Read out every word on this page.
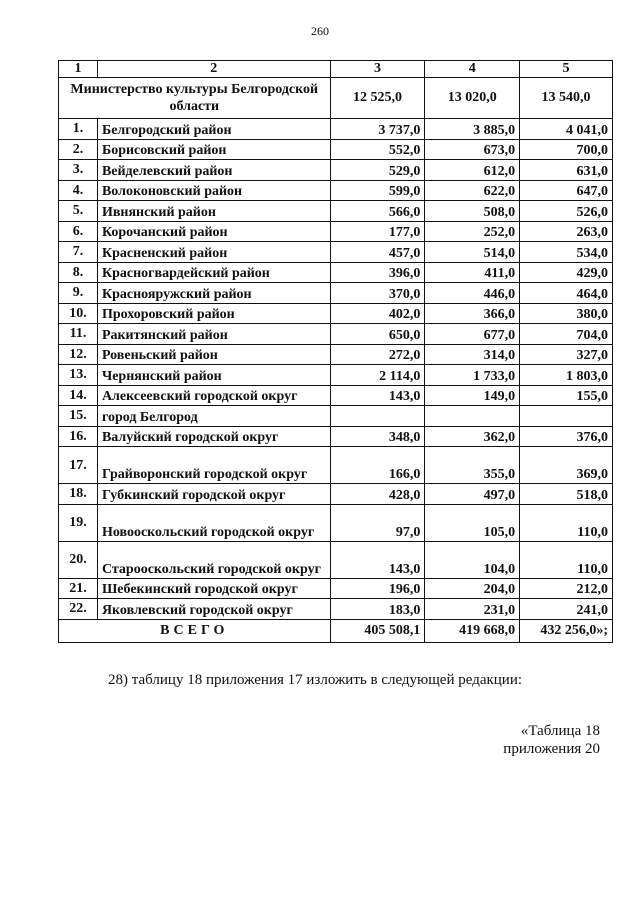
260
1	2	3	4	5
Министерство культуры Белгородской области		12 525,0	13 020,0	13 540,0
1.	Белгородский район	3 737,0	3 885,0	4 041,0
2.	Борисовский район	552,0	673,0	700,0
3.	Вейделевский район	529,0	612,0	631,0
4.	Волоконовский район	599,0	622,0	647,0
5.	Ивнянский район	566,0	508,0	526,0
6.	Корочанский район	177,0	252,0	263,0
7.	Красненский район	457,0	514,0	534,0
8.	Красногвардейский район	396,0	411,0	429,0
9.	Краснояружский район	370,0	446,0	464,0
10.	Прохоровский район	402,0	366,0	380,0
11.	Ракитянский район	650,0	677,0	704,0
12.	Ровеньский район	272,0	314,0	327,0
13.	Чернянский район	2 114,0	1 733,0	1 803,0
14.	Алексеевский городской округ	143,0	149,0	155,0
15.	город Белгород			
16.	Валуйский городской округ	348,0	362,0	376,0
17.	Грайворонский городской округ	166,0	355,0	369,0
18.	Губкинский городской округ	428,0	497,0	518,0
19.	Новооскольский городской округ	97,0	105,0	110,0
20.	Старооскольский городской округ	143,0	104,0	110,0
21.	Шебекинский городской округ	196,0	204,0	212,0
22.	Яковлевский городской округ	183,0	231,0	241,0
ВСЕГО		405 508,1	419 668,0	432 256,0»;
28) таблицу 18 приложения 17 изложить в следующей редакции:
«Таблица 18
приложения 20
